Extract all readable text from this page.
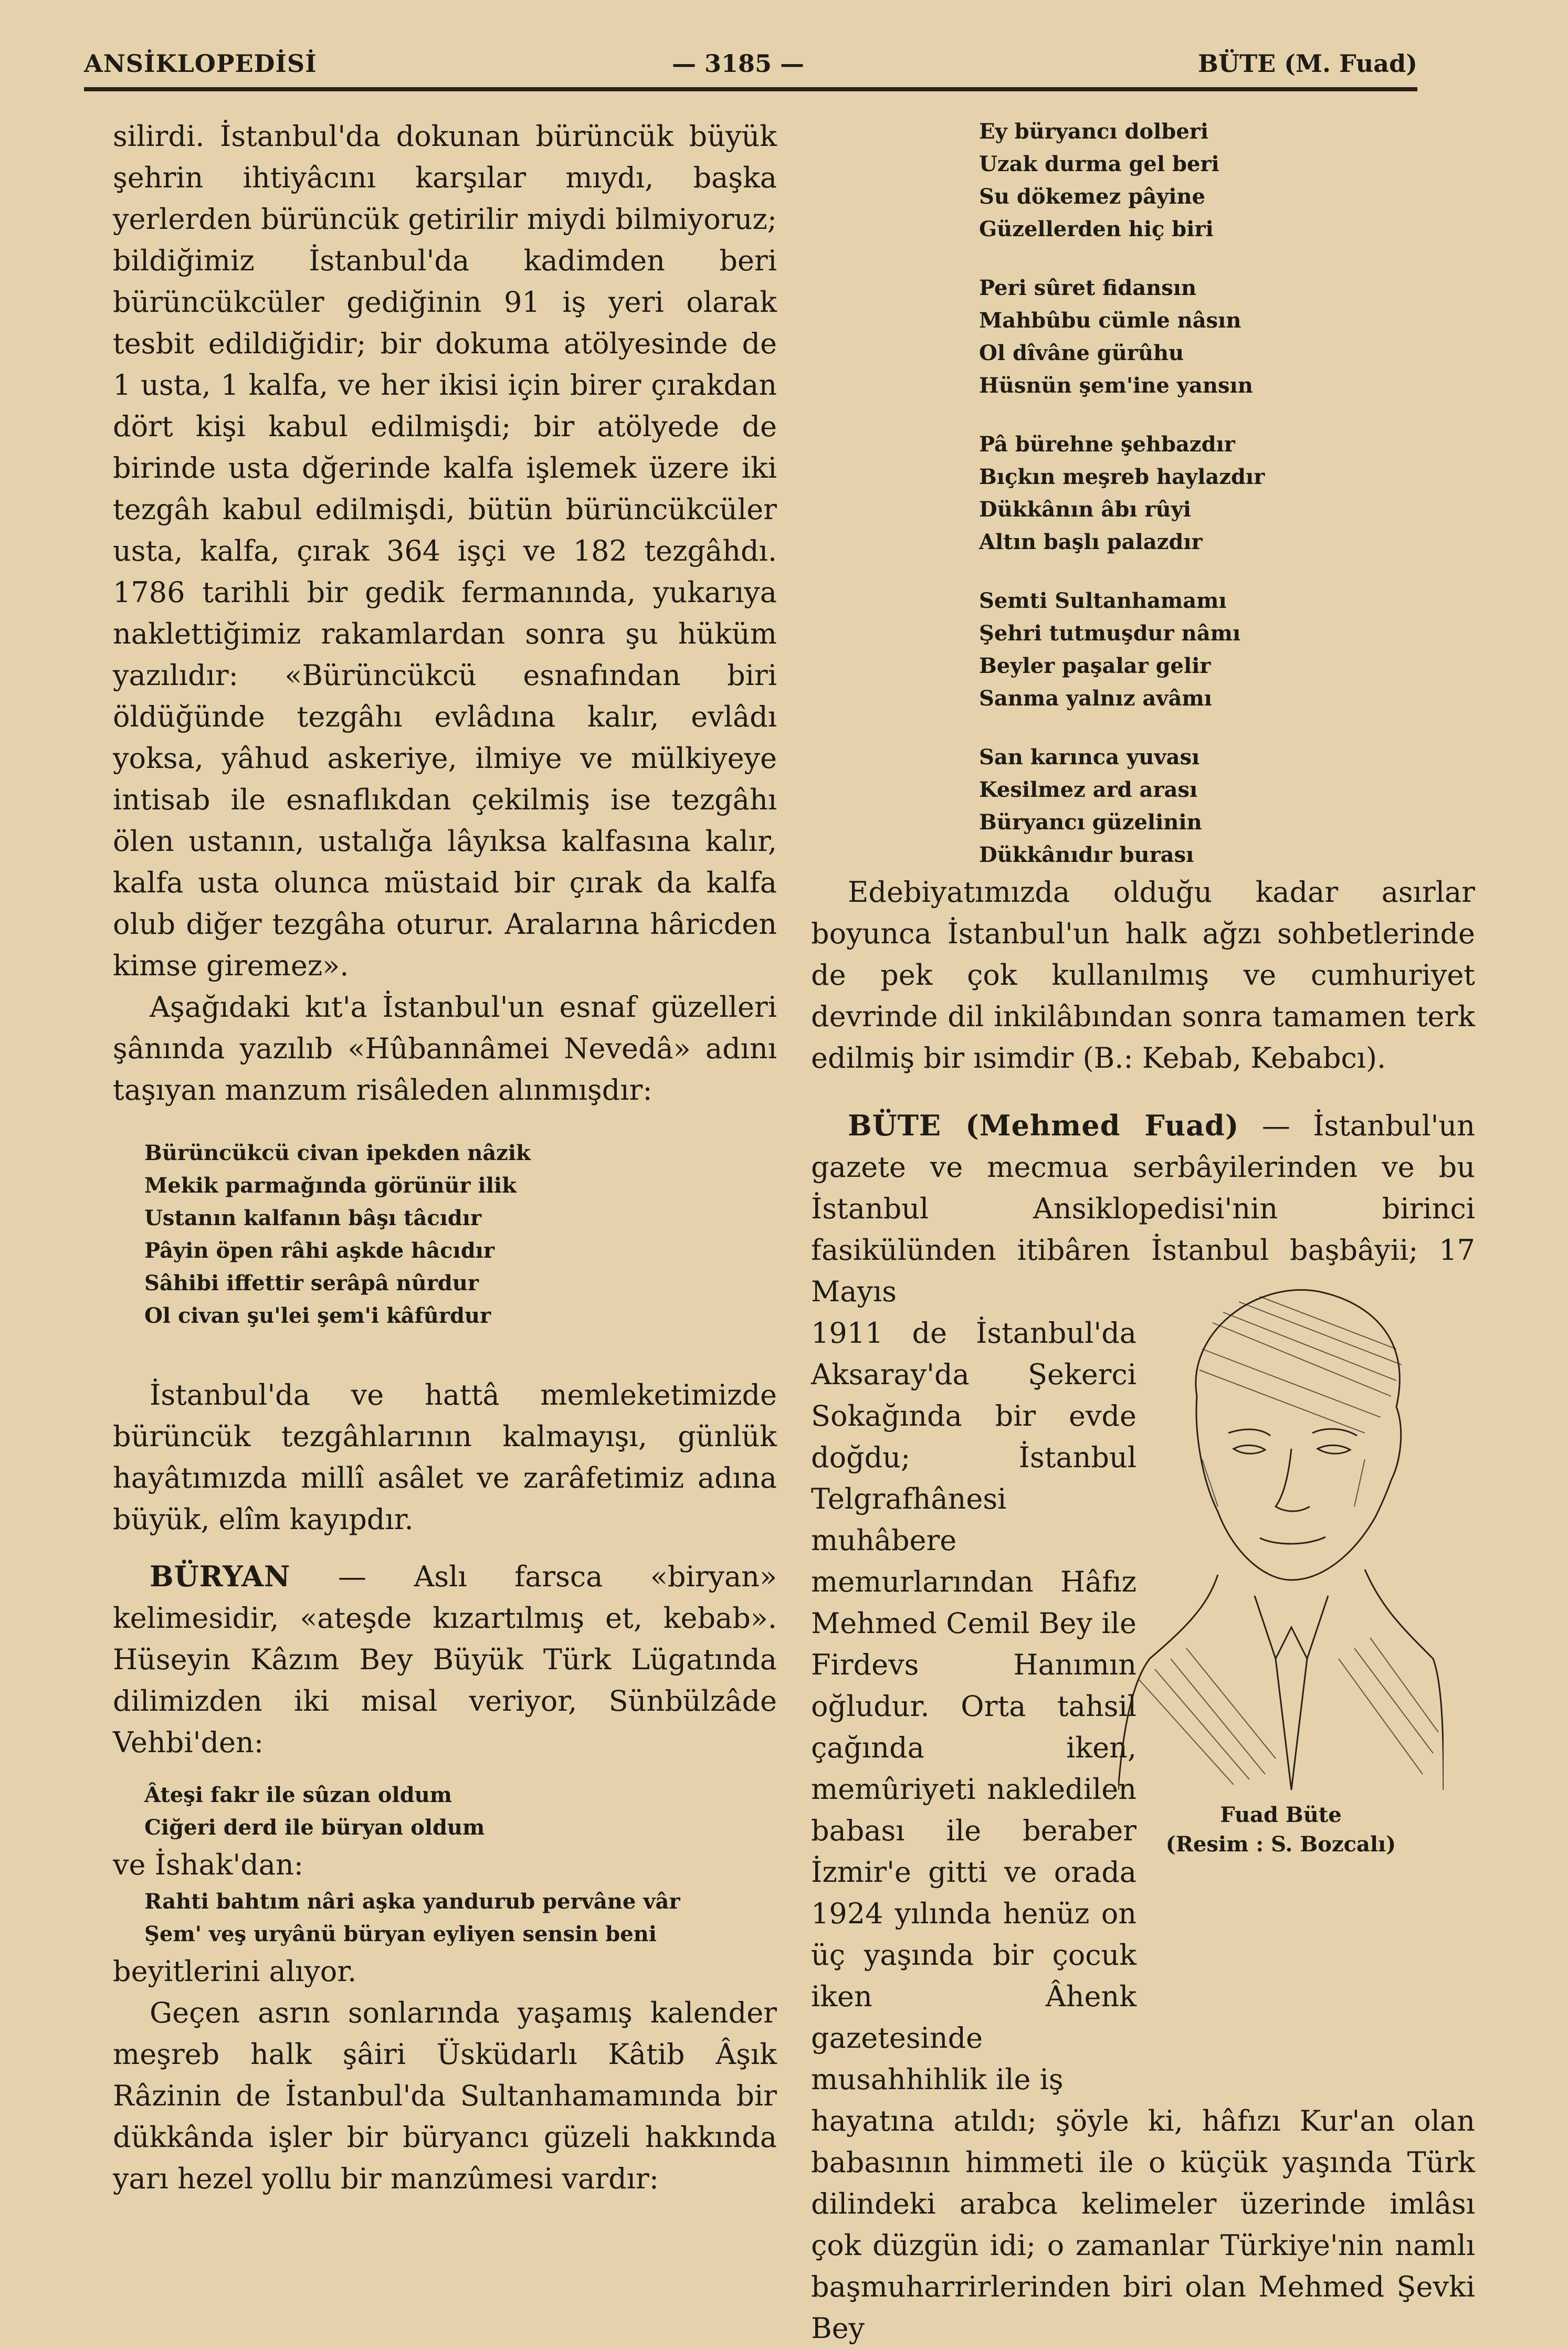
ANSİKLOPEDİSİ	— 3185 —	BÜTE (M. Fuad)

silirdi. İstanbul'da dokunan bürüncük büyük şehrin ihtiyâcını karşılar mıydı, başka yerlerden bürüncük getirilir miydi bilmiyoruz; bildiğimiz İstanbul'da kadimden beri bürüncükcüler gediğinin 91 iş yeri olarak tesbit edildiğidir; bir dokuma atölyesinde de 1 usta, 1 kalfa, ve her ikisi için birer çırakdan dört kişi kabul edilmişdi; bir atölyede de birinde usta dğerinde kalfa işlemek üzere iki tezgâh kabul edilmişdi, bütün bürüncükcüler usta, kalfa, çırak 364 işçi ve 182 tezgâhdı. 1786 tarihli bir gedik fermanında, yukarıya naklettiğimiz rakamlardan sonra şu hüküm yazılıdır: «Bürüncükcü esnafından biri öldüğünde tezgâhı evlâdına kalır, evlâdı yoksa, yâhud askeriye, ilmiye ve mülkiyeye intisab ile esnaflıkdan çekilmiş ise tezgâhı ölen ustanın, ustalığa lâyıksa kalfasına kalır, kalfa usta olunca müstaid bir çırak da kalfa olub diğer tezgâha oturur. Aralarına hâricden kimse giremez».

Aşağıdaki kıt'a İstanbul'un esnaf güzelleri şânında yazılıb «Hûbannâmei Nevedâ» adını taşıyan manzum risâleden alınmışdır:

Bürüncükcü civan ipekden nâzik

Mekik parmağında görünür ilik

Ustanın kalfanın bâşı tâcıdır

Pâyin öpen râhi aşkde hâcıdır

Sâhibi iffettir serâpâ nûrdur

Ol civan şu'lei şem'i kâfûrdur

İstanbul'da ve hattâ memleketimizde bürüncük tezgâhlarının kalmayışı, günlük hayâtımızda millî asâlet ve zarâfetimiz adına büyük, elîm kayıpdır.

BÜRYAN — Aslı farsca «biryan» kelimesidir, «ateşde kızartılmış et, kebab». Hüseyin Kâzım Bey Büyük Türk Lügatında dilimizden iki misal veriyor, Sünbülzâde Vehbi'den:

Âteşi fakr ile sûzan oldum

Ciğeri derd ile büryan oldum

ve İshak'dan:

Rahti bahtım nâri aşka yandurub pervâne vâr

Şem' veş uryânü büryan eyliyen sensin beni

beyitlerini alıyor.

Geçen asrın sonlarında yaşamış kalender meşreb halk şâiri Üsküdarlı Kâtib Âşık Râzinin de İstanbul'da Sultanhamamında bir dükkânda işler bir büryancı güzeli hakkında yarı hezel yollu bir manzûmesi vardır:

Ey büryancı dolberi

Uzak durma gel beri

Su dökemez pâyine

Güzellerden hiç biri

Peri sûret fidansın

Mahbûbu cümle nâsın

Ol dîvâne gürûhu

Hüsnün şem'ine yansın

Pâ bürehne şehbazdır

Bıçkın meşreb haylazdır

Dükkânın âbı rûyi

Altın başlı palazdır

Semti Sultanhamamı

Şehri tutmuşdur nâmı

Beyler paşalar gelir

Sanma yalnız avâmı

San karınca yuvası

Kesilmez ard arası

Büryancı güzelinin

Dükkânıdır burası

Edebiyatımızda olduğu kadar asırlar boyunca İstanbul'un halk ağzı sohbetlerinde de pek çok kullanılmış ve cumhuriyet devrinde dil inkilâbından sonra tamamen terk edilmiş bir ısimdir (B.: Kebab, Kebabcı).

BÜTE (Mehmed Fuad) — İstanbul'un gazete ve mecmua serbâyilerinden ve bu İstanbul Ansiklopedisi'nin birinci fasikülünden itibâren İstanbul başbâyii; 17 Mayıs

1911 de İstanbul'da Aksaray'da Şekerci Sokağında bir evde doğdu; İstanbul Telgrafhânesi muhâbere memurlarından Hâfız Mehmed Cemil Bey ile Firdevs Hanımın oğludur. Orta tahsil çağında iken, memûriyeti nakledilen babası ile beraber İzmir'e gitti ve orada 1924 yılında henüz on üç yaşında bir çocuk iken Âhenk gazetesinde musahhihlik ile iş

hayatına atıldı; şöyle ki, hâfızı Kur'an olan babasının himmeti ile o küçük yaşında Türk dilindeki arabca kelimeler üzerinde imlâsı çok düzgün idi; o zamanlar Türkiye'nin namlı başmuharrirlerinden biri olan Mehmed Şevki Bey

Fuad Büte
(Resim : S. Bozcalı)
